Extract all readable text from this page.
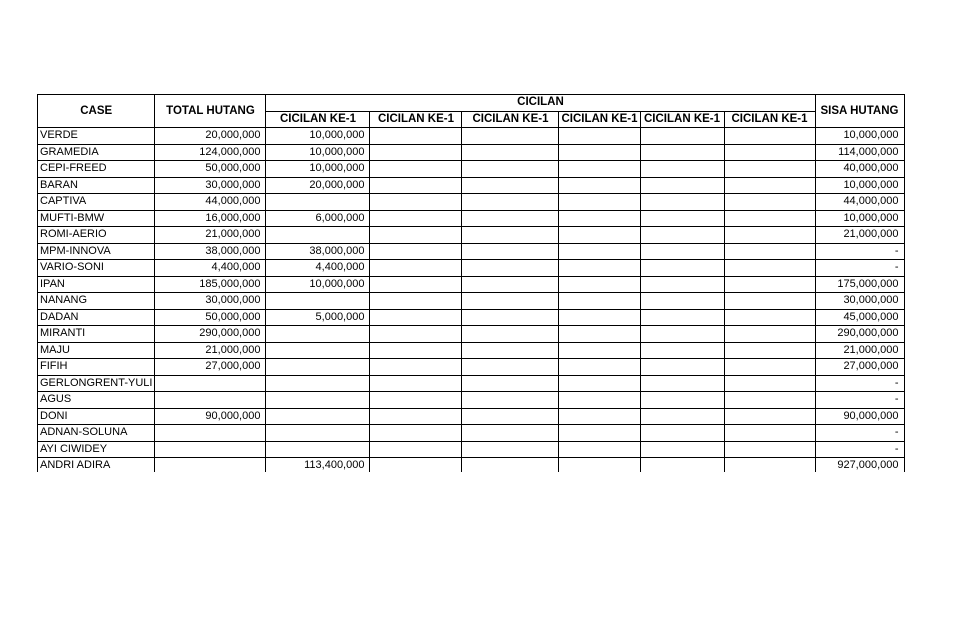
CASE	TOTAL HUTANG	CICILAN						SISA HUTANG
		CICILAN KE-1	CICILAN KE-1	CICILAN KE-1	CICILAN KE-1	CICILAN KE-1	CICILAN KE-1	
VERDE	20,000,000	10,000,000						10,000,000
GRAMEDIA	124,000,000	10,000,000						114,000,000
CEPI-FREED	50,000,000	10,000,000						40,000,000
BARAN	30,000,000	20,000,000						10,000,000
CAPTIVA	44,000,000							44,000,000
MUFTI-BMW	16,000,000	6,000,000						10,000,000
ROMI-AERIO	21,000,000							21,000,000
MPM-INNOVA	38,000,000	38,000,000						-
VARIO-SONI	4,400,000	4,400,000						-
IPAN	185,000,000	10,000,000						175,000,000
NANANG	30,000,000							30,000,000
DADAN	50,000,000	5,000,000						45,000,000
MIRANTI	290,000,000							290,000,000
MAJU	21,000,000							21,000,000
FIFIH	27,000,000							27,000,000
GERLONGRENT-YULI								-
AGUS								-
DONI	90,000,000							90,000,000
ADNAN-SOLUNA								-
AYI CIWIDEY								-
ANDRI ADIRA		113,400,000						927,000,000
